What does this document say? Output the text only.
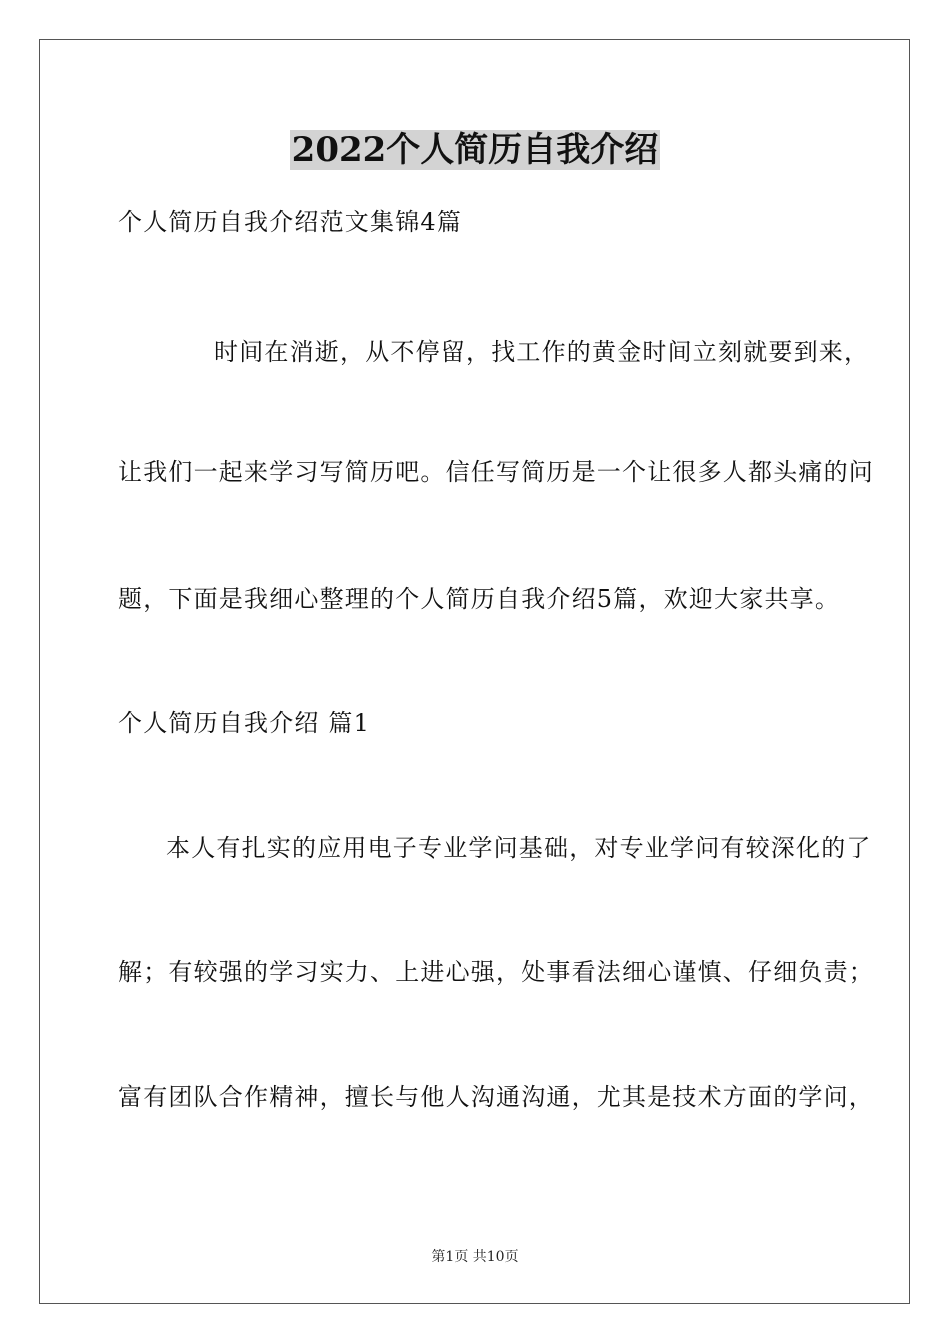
2022个人简历自我介绍
个人简历自我介绍范文集锦4篇
时间在消逝，从不停留，找工作的黄金时间立刻就要到来，
让我们一起来学习写简历吧。信任写简历是一个让很多人都头痛的问
题，下面是我细心整理的个人简历自我介绍5篇，欢迎大家共享。
个人简历自我介绍 篇1
本人有扎实的应用电子专业学问基础，对专业学问有较深化的了
解；有较强的学习实力、上进心强，处事看法细心谨慎、仔细负责；
富有团队合作精神，擅长与他人沟通沟通，尤其是技术方面的学问，
第1页 共10页
